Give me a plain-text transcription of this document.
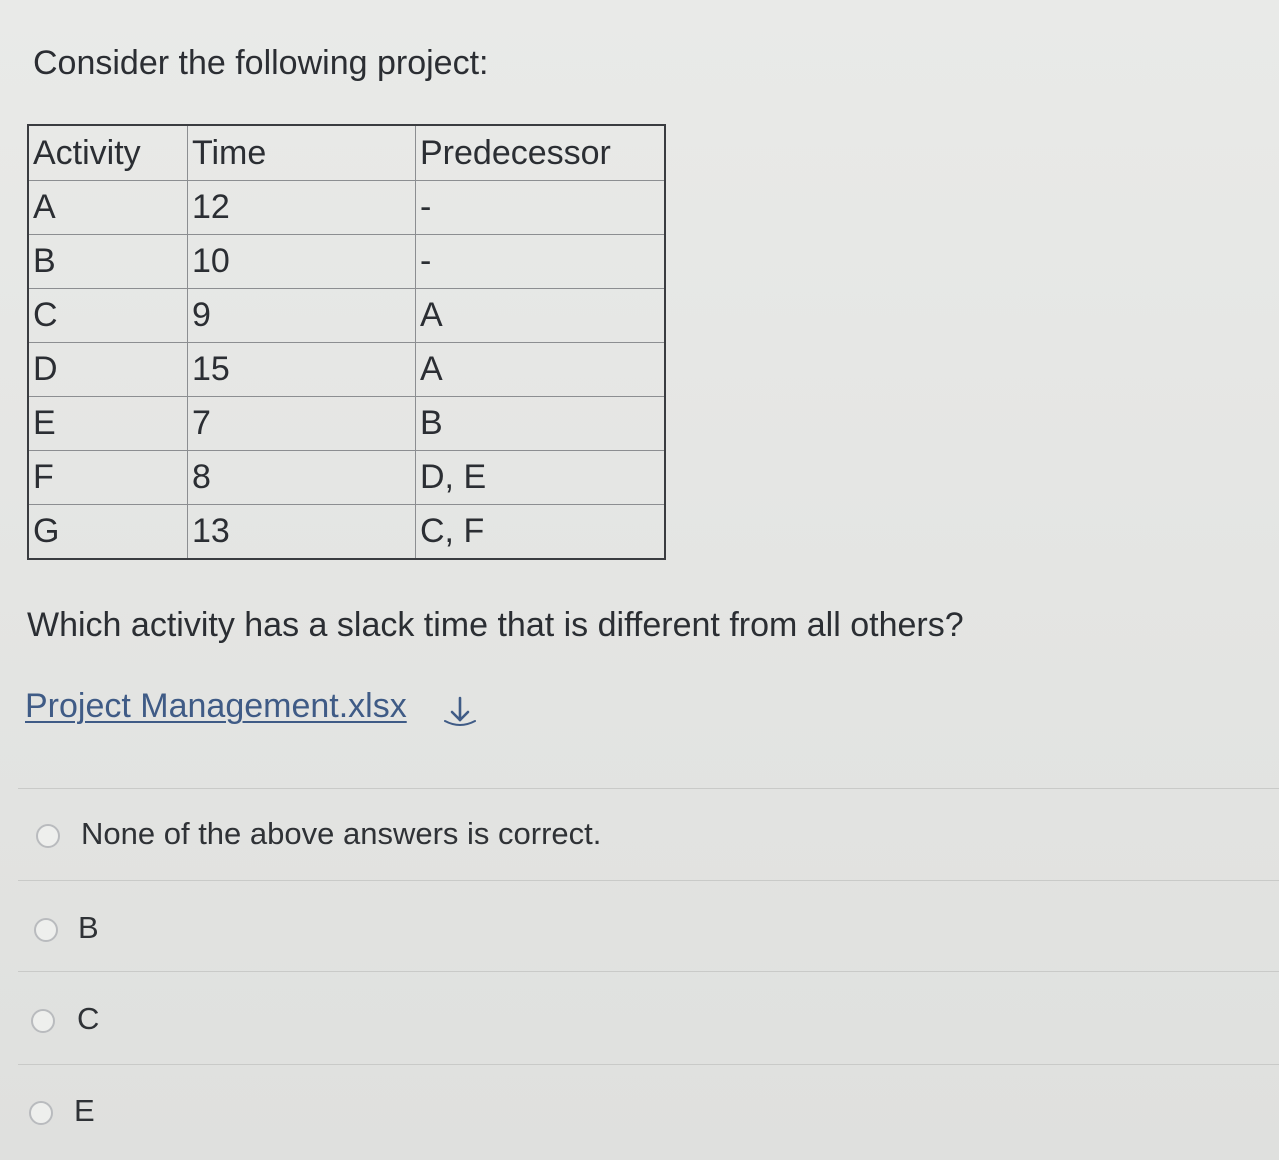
Consider the following project:

Activity	Time	Predecessor
A	12	-
B	10	-
C	9	A
D	15	A
E	7	B
F	8	D, E
G	13	C, F

Which activity has a slack time that is different from all others?

Project Management.xlsx
None of the above answers is correct.
B
C
E
